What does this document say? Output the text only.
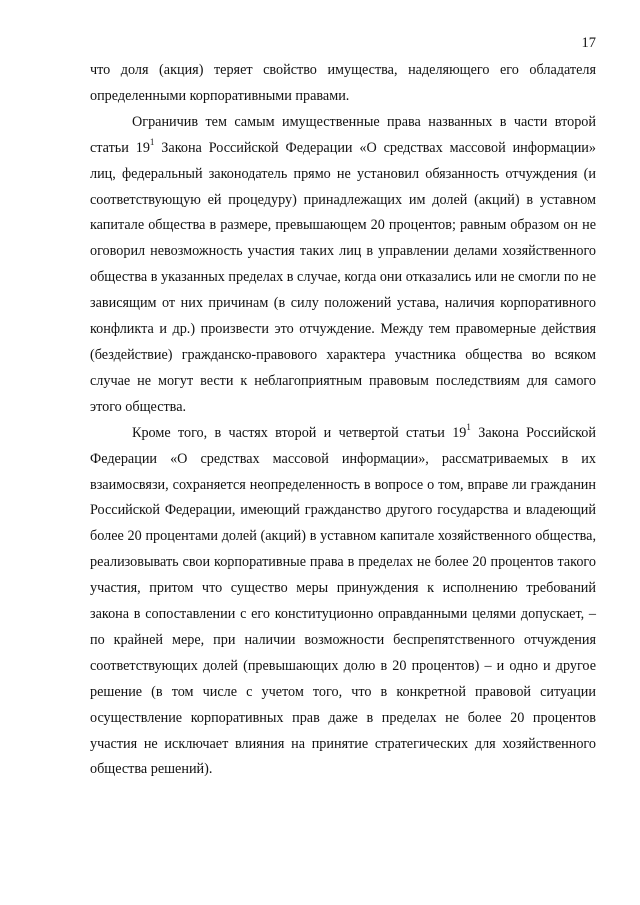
17

что доля (акция) теряет свойство имущества, наделяющего его обладателя определенными корпоративными правами.

Ограничив тем самым имущественные права названных в части второй статьи $19^1$ Закона Российской Федерации «О средствах массовой информации» лиц, федеральный законодатель прямо не установил обязанность отчуждения (и соответствующую ей процедуру) принадлежащих им долей (акций) в уставном капитале общества в размере, превышающем 20 процентов; равным образом он не оговорил невозможность участия таких лиц в управлении делами хозяйственного общества в указанных пределах в случае, когда они отказались или не смогли по не зависящим от них причинам (в силу положений устава, наличия корпоративного конфликта и др.) произвести это отчуждение. Между тем правомерные действия (бездействие) гражданско-правового характера участника общества во всяком случае не могут вести к неблагоприятным правовым последствиям для самого этого общества.

Кроме того, в частях второй и четвертой статьи $19^1$ Закона Российской Федерации «О средствах массовой информации», рассматриваемых в их взаимосвязи, сохраняется неопределенность в вопросе о том, вправе ли гражданин Российской Федерации, имеющий гражданство другого государства и владеющий более 20 процентами долей (акций) в уставном капитале хозяйственного общества, реализовывать свои корпоративные права в пределах не более 20 процентов такого участия, притом что существо меры принуждения к исполнению требований закона в сопоставлении с его конституционно оправданными целями допускает, – по крайней мере, при наличии возможности беспрепятственного отчуждения соответствующих долей (превышающих долю в 20 процентов) – и одно и другое решение (в том числе с учетом того, что в конкретной правовой ситуации осуществление корпоративных прав даже в пределах не более 20 процентов участия не исключает влияния на принятие стратегических для хозяйственного общества решений).
